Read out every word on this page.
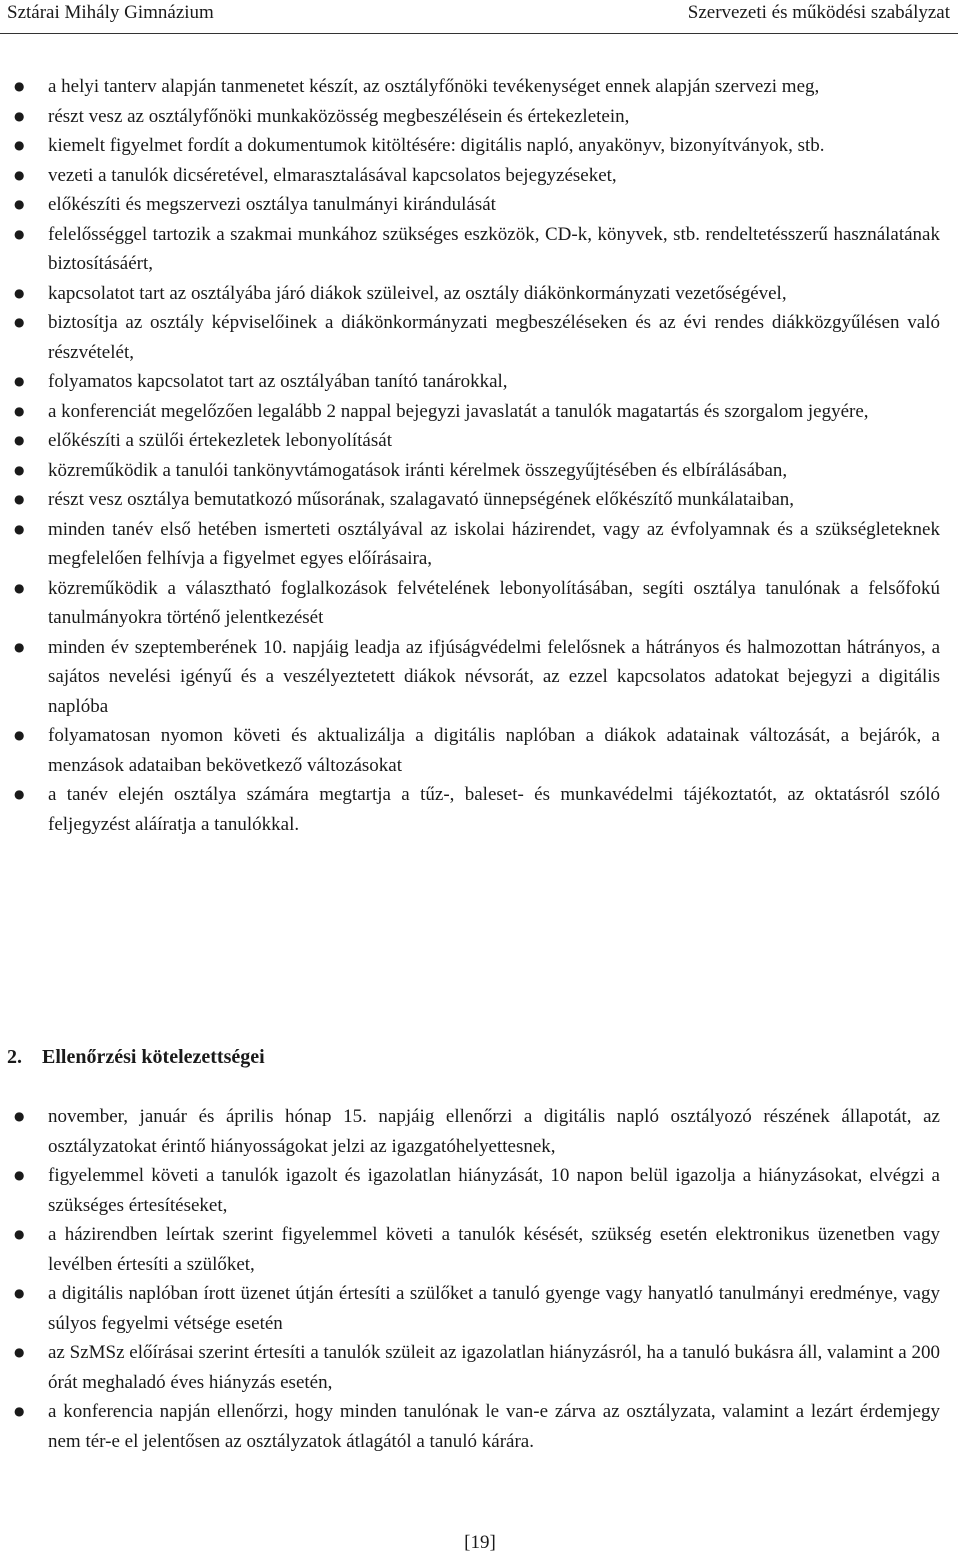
Sztárai Mihály Gimnázium	Szervezeti és működési szabályzat
● a helyi tanterv alapján tanmenetet készít, az osztályfőnöki tevékenységet ennek alapján szervezi meg,
● részt vesz az osztályfőnöki munkaközösség megbeszélésein és értekezletein,
● kiemelt figyelmet fordít a dokumentumok kitöltésére: digitális napló, anyakönyv, bizonyítványok, stb.
● vezeti a tanulók dicséretével, elmarasztalásával kapcsolatos bejegyzéseket,
● előkészíti és megszervezi osztálya tanulmányi kirándulását
● felelősséggel tartozik a szakmai munkához szükséges eszközök, CD-k, könyvek, stb. rendeltetésszerű használatának biztosításáért,
● kapcsolatot tart az osztályába járó diákok szüleivel, az osztály diákönkormányzati vezetőségével,
● biztosítja az osztály képviselőinek a diákönkormányzati megbeszéléseken és az évi rendes diákközgyűlésen való részvételét,
● folyamatos kapcsolatot tart az osztályában tanító tanárokkal,
● a konferenciát megelőzően legalább 2 nappal bejegyzi javaslatát a tanulók magatartás és szorgalom jegyére,
● előkészíti a szülői értekezletek lebonyolítását
● közreműködik a tanulói tankönyvtámogatások iránti kérelmek összegyűjtésében és elbírálásában,
● részt vesz osztálya bemutatkozó műsorának, szalagavató ünnepségének előkészítő munkálataiban,
● minden tanév első hetében ismerteti osztályával az iskolai házirendet, vagy az évfolyamnak és a szükségleteknek megfelelően felhívja a figyelmet egyes előírásaira,
● közreműködik a választható foglalkozások felvételének lebonyolításában, segíti osztálya tanulónak a felsőfokú tanulmányokra történő jelentkezését
● minden év szeptemberének 10. napjáig leadja az ifjúságvédelmi felelősnek a hátrányos és halmozottan hátrányos, a sajátos nevelési igényű és a veszélyeztetett diákok névsorát, az ezzel kapcsolatos adatokat bejegyzi a digitális naplóba
● folyamatosan nyomon követi és aktualizálja a digitális naplóban a diákok adatainak változását, a bejárók, a menzások adataiban bekövetkező változásokat
● a tanév elején osztálya számára megtartja a tűz-, baleset- és munkavédelmi tájékoztatót, az oktatásról szóló feljegyzést aláíratja a tanulókkal.
2. Ellenőrzési kötelezettségei
● november, január és április hónap 15. napjáig ellenőrzi a digitális napló osztályozó részének állapotát, az osztályzatokat érintő hiányosságokat jelzi az igazgatóhelyettesnek,
● figyelemmel követi a tanulók igazolt és igazolatlan hiányzását, 10 napon belül igazolja a hiányzásokat, elvégzi a szükséges értesítéseket,
● a házirendben leírtak szerint figyelemmel követi a tanulók késését, szükség esetén elektronikus üzenetben vagy levélben értesíti a szülőket,
● a digitális naplóban írott üzenet útján értesíti a szülőket a tanuló gyenge vagy hanyatló tanulmányi eredménye, vagy súlyos fegyelmi vétsége esetén
● az SzMSz előírásai szerint értesíti a tanulók szüleit az igazolatlan hiányzásról, ha a tanuló bukásra áll, valamint a 200 órát meghaladó éves hiányzás esetén,
● a konferencia napján ellenőrzi, hogy minden tanulónak le van-e zárva az osztályzata, valamint a lezárt érdemjegy nem tér-e el jelentősen az osztályzatok átlagától a tanuló kárára.
[19]
